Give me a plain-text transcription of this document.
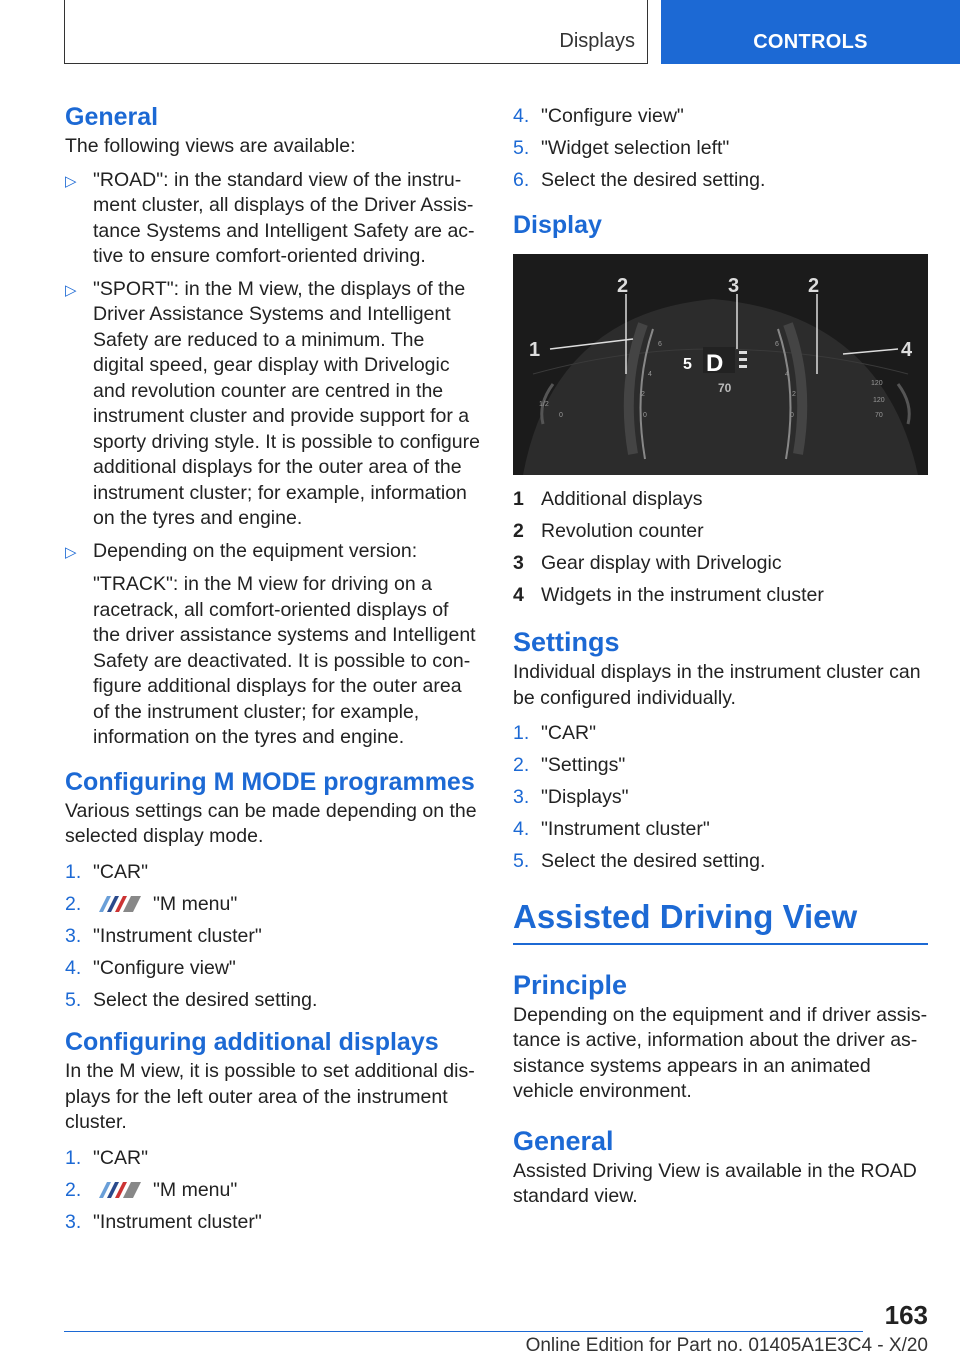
Displays	CONTROLS
General

The following views are available:

▷ "ROAD": in the standard view of the instrument cluster, all displays of the Driver Assistance Systems and Intelligent Safety are active to ensure comfort-oriented driving.
▷ "SPORT": in the M view, the displays of the Driver Assistance Systems and Intelligent Safety are reduced to a minimum. The digital speed, gear display with Drivelogic and revolution counter are centred in the instrument cluster and provide support for a sporty driving style. It is possible to configure additional displays for the outer area of the instrument cluster; for example, information on the tyres and engine.
▷ Depending on the equipment version:
"TRACK": in the M view for driving on a racetrack, all comfort-oriented displays of the driver assistance systems and Intelligent Safety are deactivated. It is possible to configure additional displays for the outer area of the instrument cluster; for example, information on the tyres and engine.
Configuring M MODE programmes

Various settings can be made depending on the selected display mode.

1. "CAR"
2.	"M menu"
3. "Instrument cluster"
4. "Configure view"
5. Select the desired setting.
Configuring additional displays

In the M view, it is possible to set additional displays for the left outer area of the instrument cluster.

1. "CAR"
2.	"M menu"
3. "Instrument cluster"
4. "Configure view"
5. "Widget selection left"
6. Select the desired setting.
Display
6
4
2
0
6
4
2
0
1/2
0
120
120
70
5 D
70
1
2	3	2
4
1 Additional displays
2 Revolution counter
3 Gear display with Drivelogic
4 Widgets in the instrument cluster
Settings

Individual displays in the instrument cluster can be configured individually.

1. "CAR"
2. "Settings"
3. "Displays"
4. "Instrument cluster"
5. Select the desired setting.
Assisted Driving View
Principle

Depending on the equipment and if driver assistance is active, information about the driver assistance systems appears in an animated vehicle environment.

General

Assisted Driving View is available in the ROAD standard view.

163
Online Edition for Part no. 01405A1E3C4 - X/20
